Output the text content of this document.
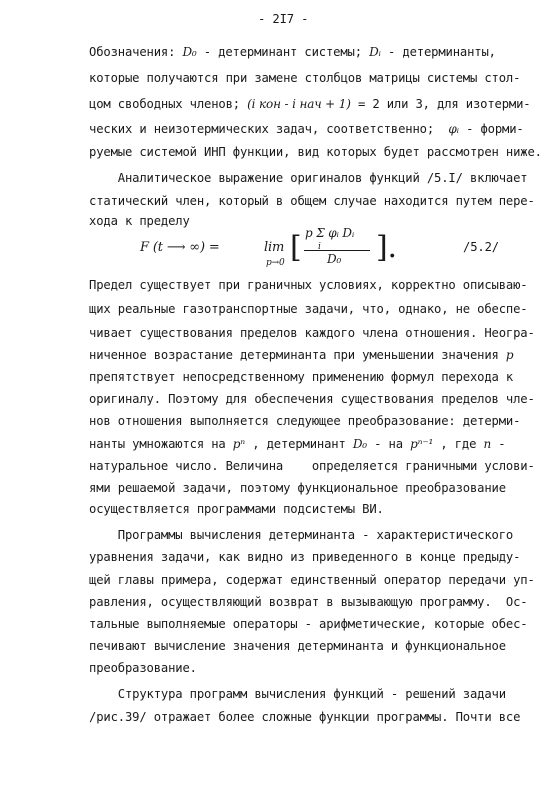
- 2I7 -
Обозначения: D₀ - детерминант системы; Dᵢ - детерминанты,
которые получаются при замене столбцов матрицы системы стол-
цом свободных членов; (i кон - i нач + 1) = 2 или 3, для изотерми-
ческих и неизотермических задач, соответственно;  φᵢ - форми-
руемые системой ИНП функции, вид которых будет рассмотрен ниже.
Аналитическое выражение оригиналов функций /5.I/ включает
статический член, который в общем случае находится путем пере-
хода к пределу
F (t ⟶ ∞) =	lim
p→0 [ p Σ φᵢ Dᵢ
i
D₀ ].	/5.2/
Предел существует при граничных условиях, корректно описываю-
щих реальные газотранспортные задачи, что, однако, не обеспе-
чивает существования пределов каждого члена отношения. Неогра-
ниченное возрастание детерминанта при уменьшении значения p
препятствует непосредственному применению формул перехода к
оригиналу. Поэтому для обеспечения существования пределов чле-
нов отношения выполняется следующее преобразование: детерми-
нанты умножаются на pⁿ , детерминант D₀ - на pⁿ⁻¹ , где n -
натуральное число. Величина    определяется граничными услови-
ями решаемой задачи, поэтому функциональное преобразование
осуществляется программами подсистемы ВИ.
Программы вычисления детерминанта - характеристического
уравнения задачи, как видно из приведенного в конце предыду-
щей главы примера, содержат единственный оператор передачи уп-
равления, осуществляющий возврат в вызывающую программу.  Ос-
тальные выполняемые операторы - арифметические, которые обес-
печивают вычисление значения детерминанта и функциональное
преобразование.
Структура программ вычисления функций - решений задачи
/рис.39/ отражает более сложные функции программы. Почти все
